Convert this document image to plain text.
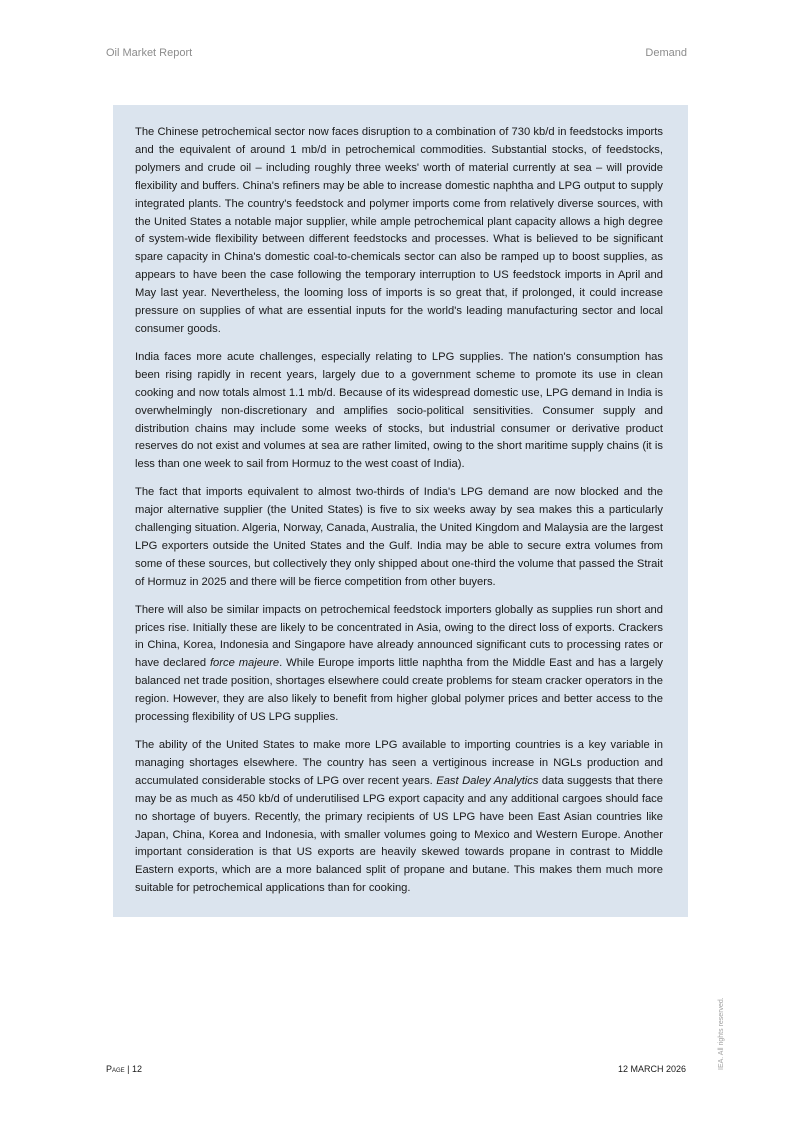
Oil Market Report	Demand

The Chinese petrochemical sector now faces disruption to a combination of 730 kb/d in feedstocks imports and the equivalent of around 1 mb/d in petrochemical commodities. Substantial stocks, of feedstocks, polymers and crude oil – including roughly three weeks' worth of material currently at sea – will provide flexibility and buffers. China's refiners may be able to increase domestic naphtha and LPG output to supply integrated plants. The country's feedstock and polymer imports come from relatively diverse sources, with the United States a notable major supplier, while ample petrochemical plant capacity allows a high degree of system-wide flexibility between different feedstocks and processes. What is believed to be significant spare capacity in China's domestic coal-to-chemicals sector can also be ramped up to boost supplies, as appears to have been the case following the temporary interruption to US feedstock imports in April and May last year. Nevertheless, the looming loss of imports is so great that, if prolonged, it could increase pressure on supplies of what are essential inputs for the world's leading manufacturing sector and local consumer goods.

India faces more acute challenges, especially relating to LPG supplies. The nation's consumption has been rising rapidly in recent years, largely due to a government scheme to promote its use in clean cooking and now totals almost 1.1 mb/d. Because of its widespread domestic use, LPG demand in India is overwhelmingly non-discretionary and amplifies socio-political sensitivities. Consumer supply and distribution chains may include some weeks of stocks, but industrial consumer or derivative product reserves do not exist and volumes at sea are rather limited, owing to the short maritime supply chains (it is less than one week to sail from Hormuz to the west coast of India).

The fact that imports equivalent to almost two-thirds of India's LPG demand are now blocked and the major alternative supplier (the United States) is five to six weeks away by sea makes this a particularly challenging situation. Algeria, Norway, Canada, Australia, the United Kingdom and Malaysia are the largest LPG exporters outside the United States and the Gulf. India may be able to secure extra volumes from some of these sources, but collectively they only shipped about one-third the volume that passed the Strait of Hormuz in 2025 and there will be fierce competition from other buyers.

There will also be similar impacts on petrochemical feedstock importers globally as supplies run short and prices rise. Initially these are likely to be concentrated in Asia, owing to the direct loss of exports. Crackers in China, Korea, Indonesia and Singapore have already announced significant cuts to processing rates or have declared force majeure. While Europe imports little naphtha from the Middle East and has a largely balanced net trade position, shortages elsewhere could create problems for steam cracker operators in the region. However, they are also likely to benefit from higher global polymer prices and better access to the processing flexibility of US LPG supplies.

The ability of the United States to make more LPG available to importing countries is a key variable in managing shortages elsewhere. The country has seen a vertiginous increase in NGLs production and accumulated considerable stocks of LPG over recent years. East Daley Analytics data suggests that there may be as much as 450 kb/d of underutilised LPG export capacity and any additional cargoes should face no shortage of buyers. Recently, the primary recipients of US LPG have been East Asian countries like Japan, China, Korea and Indonesia, with smaller volumes going to Mexico and Western Europe. Another important consideration is that US exports are heavily skewed towards propane in contrast to Middle Eastern exports, which are a more balanced split of propane and butane. This makes them much more suitable for petrochemical applications than for cooking.

Page | 12	12 MARCH 2026	IEA. All rights reserved.
